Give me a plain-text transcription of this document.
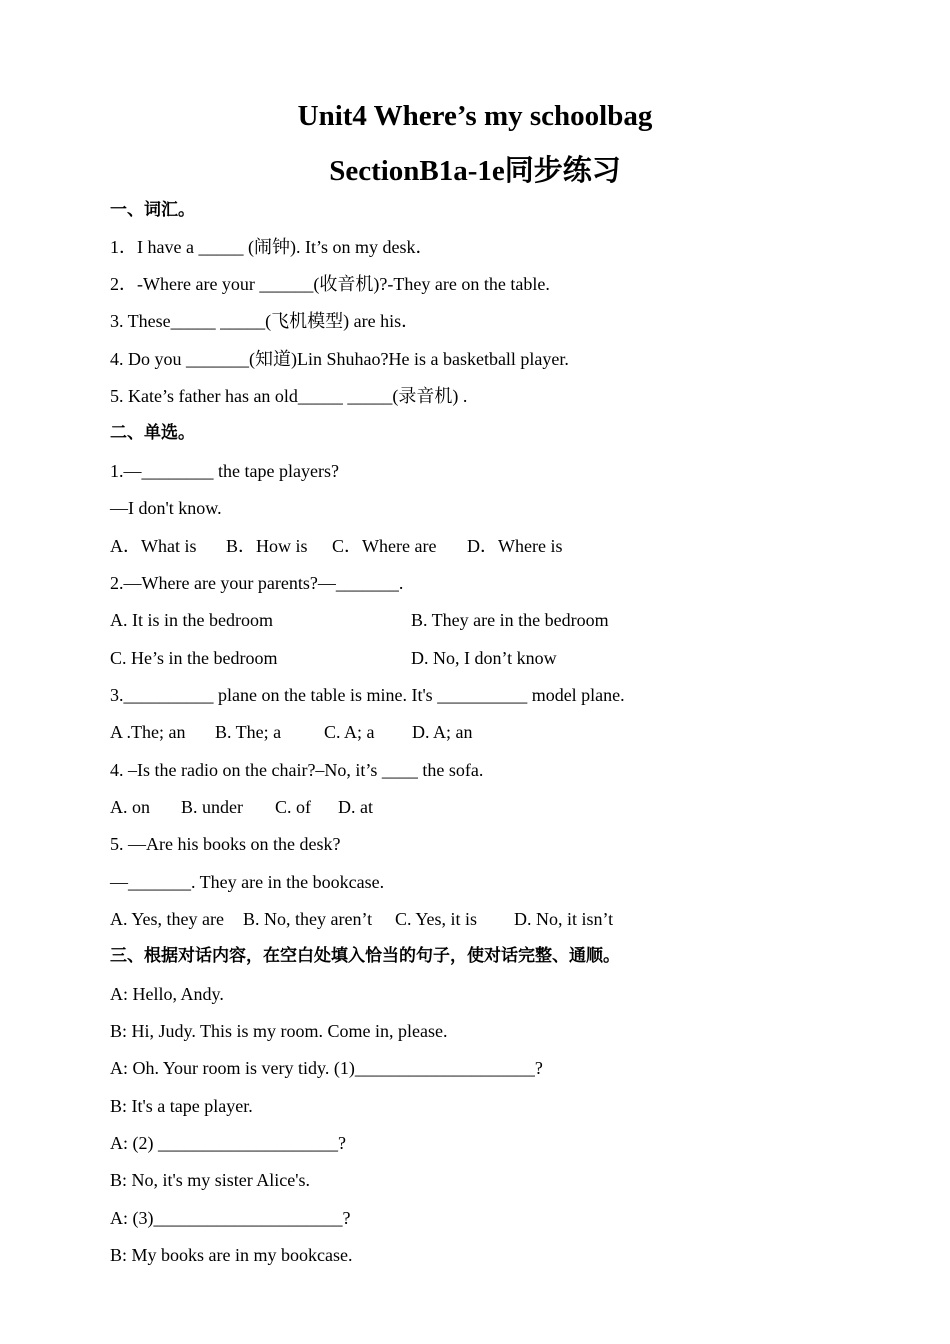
Unit4 Where’s my schoolbag
SectionB1a-1e同步练习
一、词汇。
1．I have a _____ (闹钟). It’s on my desk．
2．-Where are your ______(收音机)?-They are on the table.
3. These_____ _____(飞机模型) are his．
4. Do you _______(知道)Lin Shuhao?He is a basketball player.
5. Kate’s father has an old_____ _____(录音机) .
二、单选。
1.—________ the tape players?
—I don't know.
A．What is B．How is C．Where are D．Where is
2.—Where are your parents?—_______.
A. It is in the bedroom	B. They are in the bedroom
C. He’s in the bedroom	D. No, I don’t know
3.__________ plane on the table is mine. It's __________ model plane.
A .The; an B. The; a C. A; a D. A; an
4. –Is the radio on the chair?–No, it’s ____ the sofa.
A. on B. under C. of D. at
5. —Are his books on the desk?
—_______. They are in the bookcase.
A. Yes, they are B. No, they aren’t C. Yes, it is D. No, it isn’t
三、根据对话内容，在空白处填入恰当的句子，使对话完整、通顺。
A: Hello, Andy.
B: Hi, Judy. This is my room. Come in, please.
A: Oh. Your room is very tidy. (1)____________________?
B: It's a tape player.
A: (2) ____________________?
B: No, it's my sister Alice's.
A: (3)_____________________?
B: My books are in my bookcase.
